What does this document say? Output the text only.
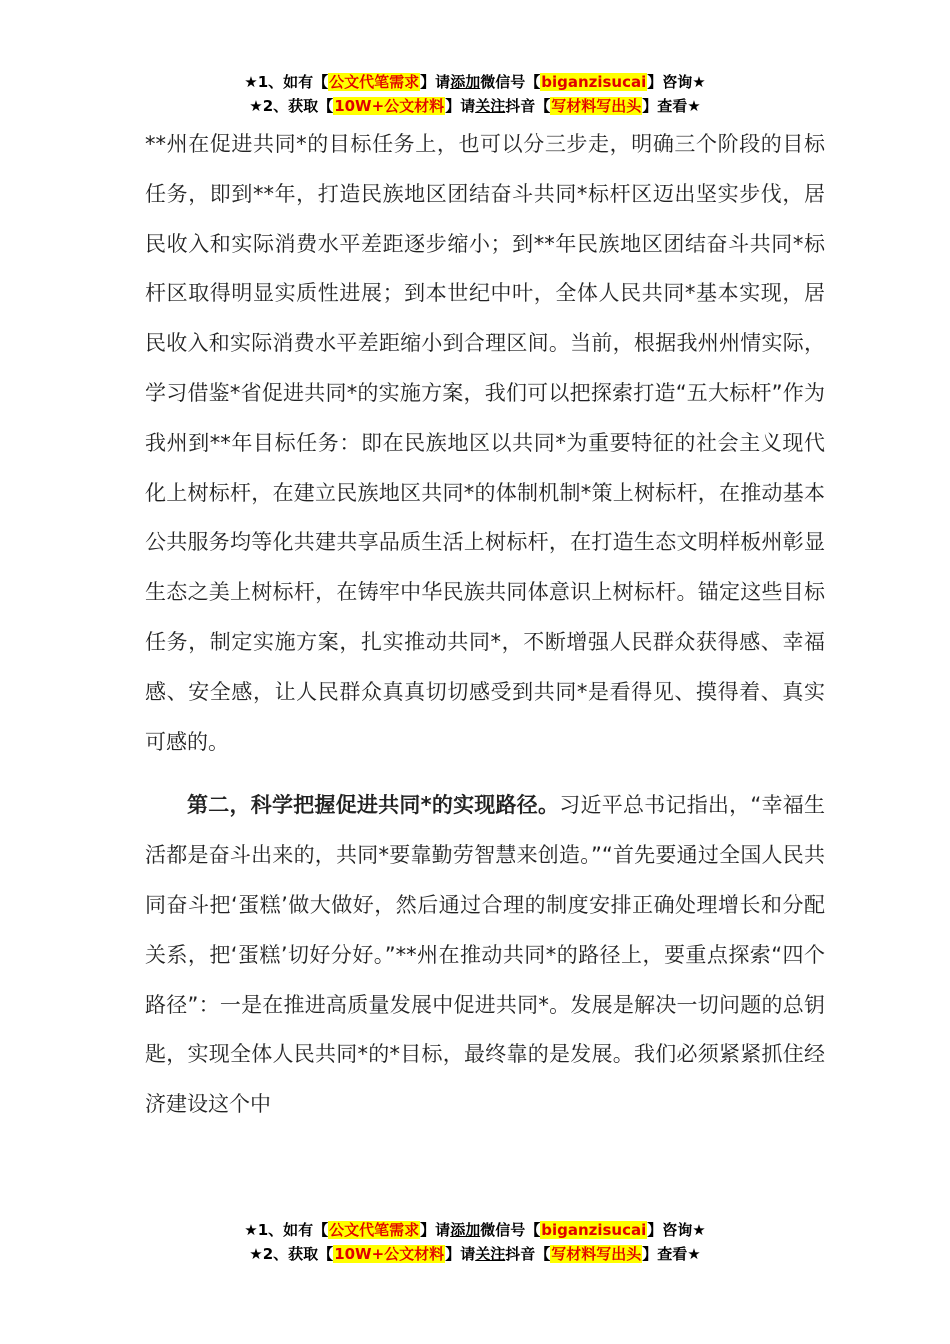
★1、如有【公文代笔需求】请添加微信号【biganzisucai】咨询★
★2、获取【10W+公文材料】请关注抖音【写材料写出头】查看★

**州在促进共同*的目标任务上，也可以分三步走，明确三个阶段的目标任务，即到**年，打造民族地区团结奋斗共同*标杆区迈出坚实步伐，居民收入和实际消费水平差距逐步缩小；到**年民族地区团结奋斗共同*标杆区取得明显实质性进展；到本世纪中叶，全体人民共同*基本实现，居民收入和实际消费水平差距缩小到合理区间。当前，根据我州州情实际，学习借鉴*省促进共同*的实施方案，我们可以把探索打造“五大标杆”作为我州到**年目标任务：即在民族地区以共同*为重要特征的社会主义现代化上树标杆，在建立民族地区共同*的体制机制*策上树标杆，在推动基本公共服务均等化共建共享品质生活上树标杆，在打造生态文明样板州彰显生态之美上树标杆，在铸牢中华民族共同体意识上树标杆。锚定这些目标任务，制定实施方案，扎实推动共同*，不断增强人民群众获得感、幸福感、安全感，让人民群众真真切切感受到共同*是看得见、摸得着、真实可感的。

第二，科学把握促进共同*的实现路径。习近平总书记指出，“幸福生活都是奋斗出来的，共同*要靠勤劳智慧来创造。”“首先要通过全国人民共同奋斗把‘蛋糕’做大做好，然后通过合理的制度安排正确处理增长和分配关系，把‘蛋糕’切好分好。”**州在推动共同*的路径上，要重点探索“四个路径”：一是在推进高质量发展中促进共同*。发展是解决一切问题的总钥匙，实现全体人民共同*的*目标，最终靠的是发展。我们必须紧紧抓住经济建设这个中

★1、如有【公文代笔需求】请添加微信号【biganzisucai】咨询★
★2、获取【10W+公文材料】请关注抖音【写材料写出头】查看★
